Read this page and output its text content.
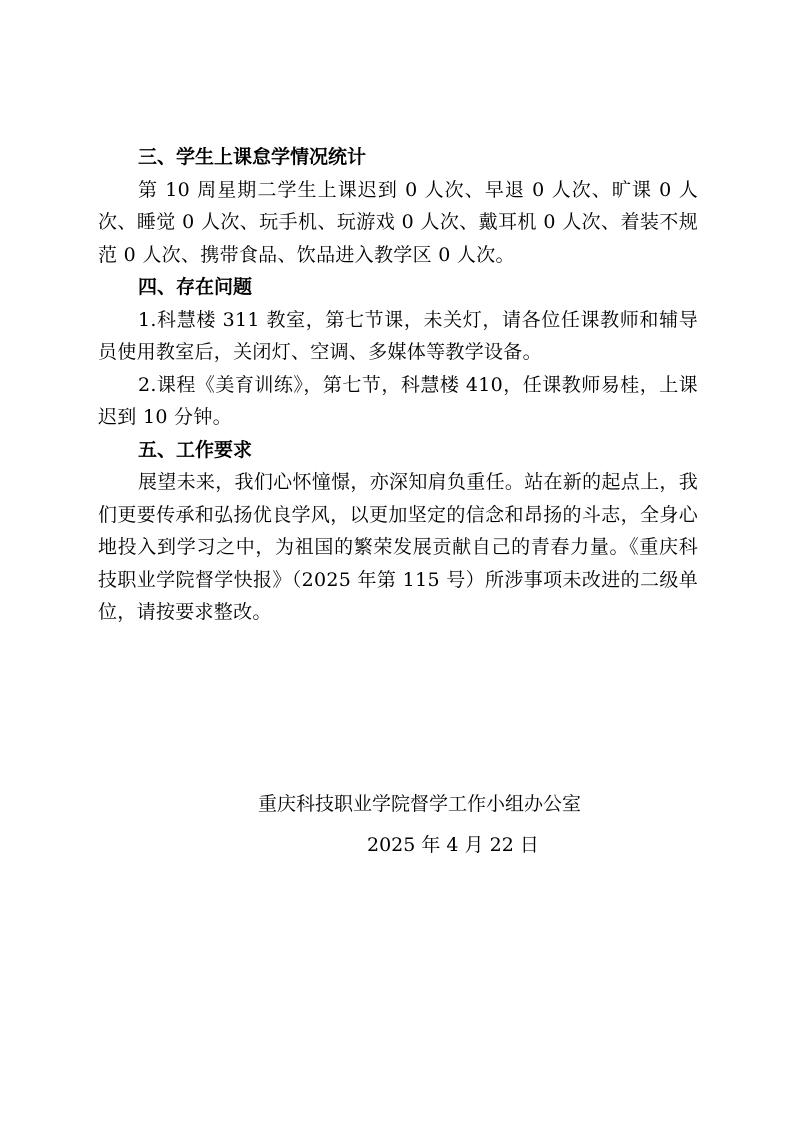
三、学生上课怠学情况统计

第 10 周星期二学生上课迟到 0 人次、早退 0 人次、旷课 0 人次、睡觉 0 人次、玩手机、玩游戏 0 人次、戴耳机 0 人次、着装不规范 0 人次、携带食品、饮品进入教学区 0 人次。

四、存在问题

1.科慧楼 311 教室，第七节课，未关灯，请各位任课教师和辅导员使用教室后，关闭灯、空调、多媒体等教学设备。

2.课程《美育训练》，第七节，科慧楼 410，任课教师易桂，上课迟到 10 分钟。

五、工作要求

展望未来，我们心怀憧憬，亦深知肩负重任。站在新的起点上，我们更要传承和弘扬优良学风，以更加坚定的信念和昂扬的斗志，全身心地投入到学习之中，为祖国的繁荣发展贡献自己的青春力量。《重庆科技职业学院督学快报》（2025 年第 115 号）所涉事项未改进的二级单位，请按要求整改。

重庆科技职业学院督学工作小组办公室
2025 年 4 月 22 日
